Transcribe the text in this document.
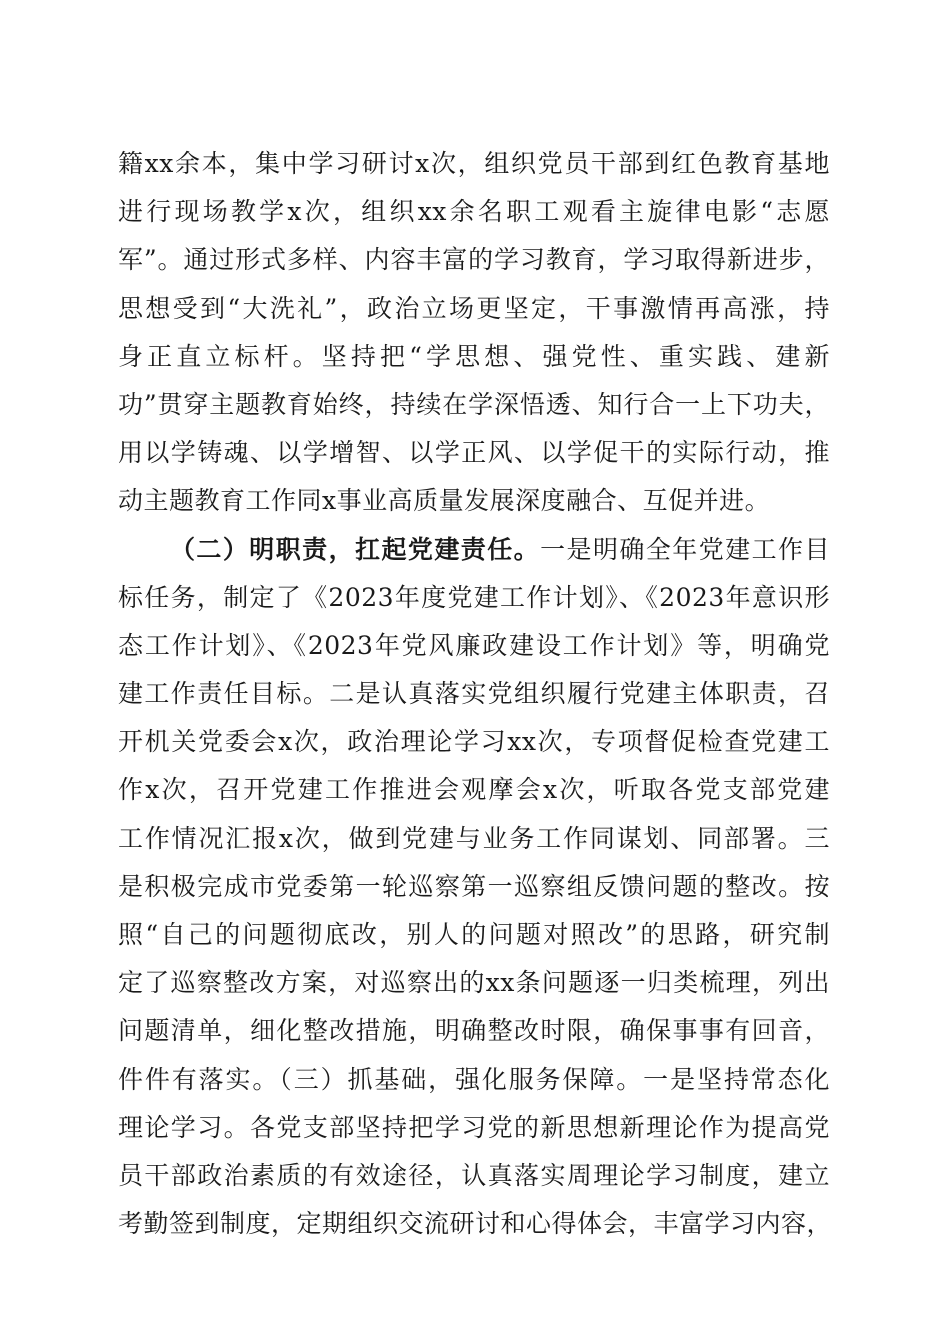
籍xx余本，集中学习研讨x次，组织党员干部到红色教育基地
进行现场教学x次，组织xx余名职工观看主旋律电影“志愿
军”。通过形式多样、内容丰富的学习教育，学习取得新进步，
思想受到“大洗礼”，政治立场更坚定，干事激情再高涨，持
身正直立标杆。坚持把“学思想、强党性、重实践、建新
功”贯穿主题教育始终，持续在学深悟透、知行合一上下功夫，
用以学铸魂、以学增智、以学正风、以学促干的实际行动，推
动主题教育工作同x事业高质量发展深度融合、互促并进。
（二）明职责，扛起党建责任。一是明确全年党建工作目
标任务，制定了《2023年度党建工作计划》、《2023年意识形
态工作计划》、《2023年党风廉政建设工作计划》等，明确党
建工作责任目标。二是认真落实党组织履行党建主体职责，召
开机关党委会x次，政治理论学习xx次，专项督促检查党建工
作x次，召开党建工作推进会观摩会x次，听取各党支部党建
工作情况汇报x次，做到党建与业务工作同谋划、同部署。三
是积极完成市党委第一轮巡察第一巡察组反馈问题的整改。按
照“自己的问题彻底改，别人的问题对照改”的思路，研究制
定了巡察整改方案，对巡察出的xx条问题逐一归类梳理，列出
问题清单，细化整改措施，明确整改时限，确保事事有回音，
件件有落实。（三）抓基础，强化服务保障。一是坚持常态化
理论学习。各党支部坚持把学习党的新思想新理论作为提高党
员干部政治素质的有效途径，认真落实周理论学习制度，建立
考勤签到制度，定期组织交流研讨和心得体会，丰富学习内容，
